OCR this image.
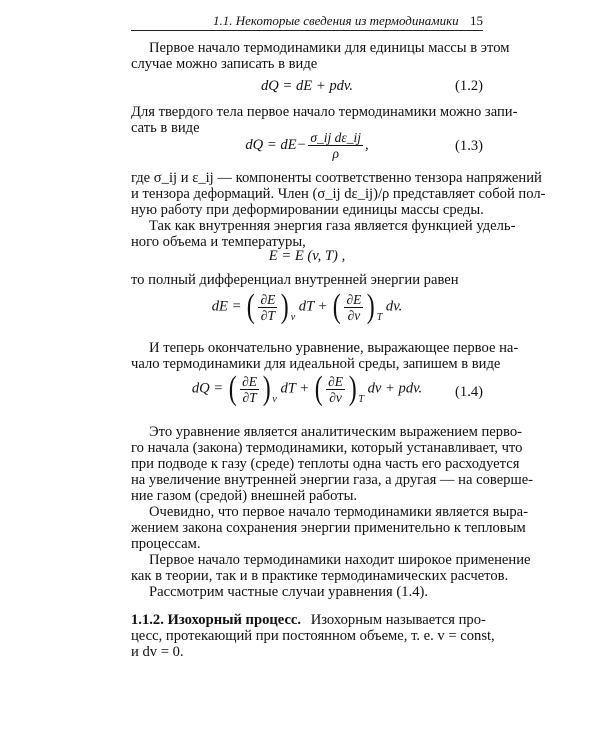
1.1. Некоторые сведения из термодинамики 15
Первое начало термодинамики для единицы массы в этом
случае можно записать в виде
dQ = dE + pdv.	(1.2)
Для твердого тела первое начало термодинамики можно запи-
сать в виде
dQ = $dE- \frac{\text{σ\_ij dε\_ij}}{\rho}$ ,	(1.3)
где σ_ij и ε_ij — компоненты соответственно тензора напряжений
и тензора деформаций. Член (σ_ij dε_ij)/ρ представляет собой пол-
ную работу при деформировании единицы массы среды.
Так как внутренняя энергия газа является функцией удель-
ного объема и температуры,
E = E (v, T) ,
то полный дифференциал внутренней энергии равен
dE = ( $\frac{\partial E}{\partial T}$ ) $_v$ dT + ( $\frac{\partial E}{\partial v}$ ) $_T$ dv.
И теперь окончательно уравнение, выражающее первое на-
чало термодинамики для идеальной среды, запишем в виде
dQ = ( $\frac{\partial E}{\partial T}$ ) $_v$ dT + ( $\frac{\partial E}{\partial v}$ ) $_T$ dv + pdv.	(1.4)
Это уравнение является аналитическим выражением перво-
го начала (закона) термодинамики, который устанавливает, что
при подводе к газу (среде) теплоты одна часть его расходуется
на увеличение внутренней энергии газа, а другая — на соверше-
ние газом (средой) внешней работы.
Очевидно, что первое начало термодинамики является выра-
жением закона сохранения энергии применительно к тепловым
процессам.
Первое начало термодинамики находит широкое применение
как в теории, так и в практике термодинамических расчетов.
Рассмотрим частные случаи уравнения (1.4).
1.1.2. Изохорный процесс. Изохорным называется про-
цесс, протекающий при постоянном объеме, т. е. v = const,
и dv = 0.
